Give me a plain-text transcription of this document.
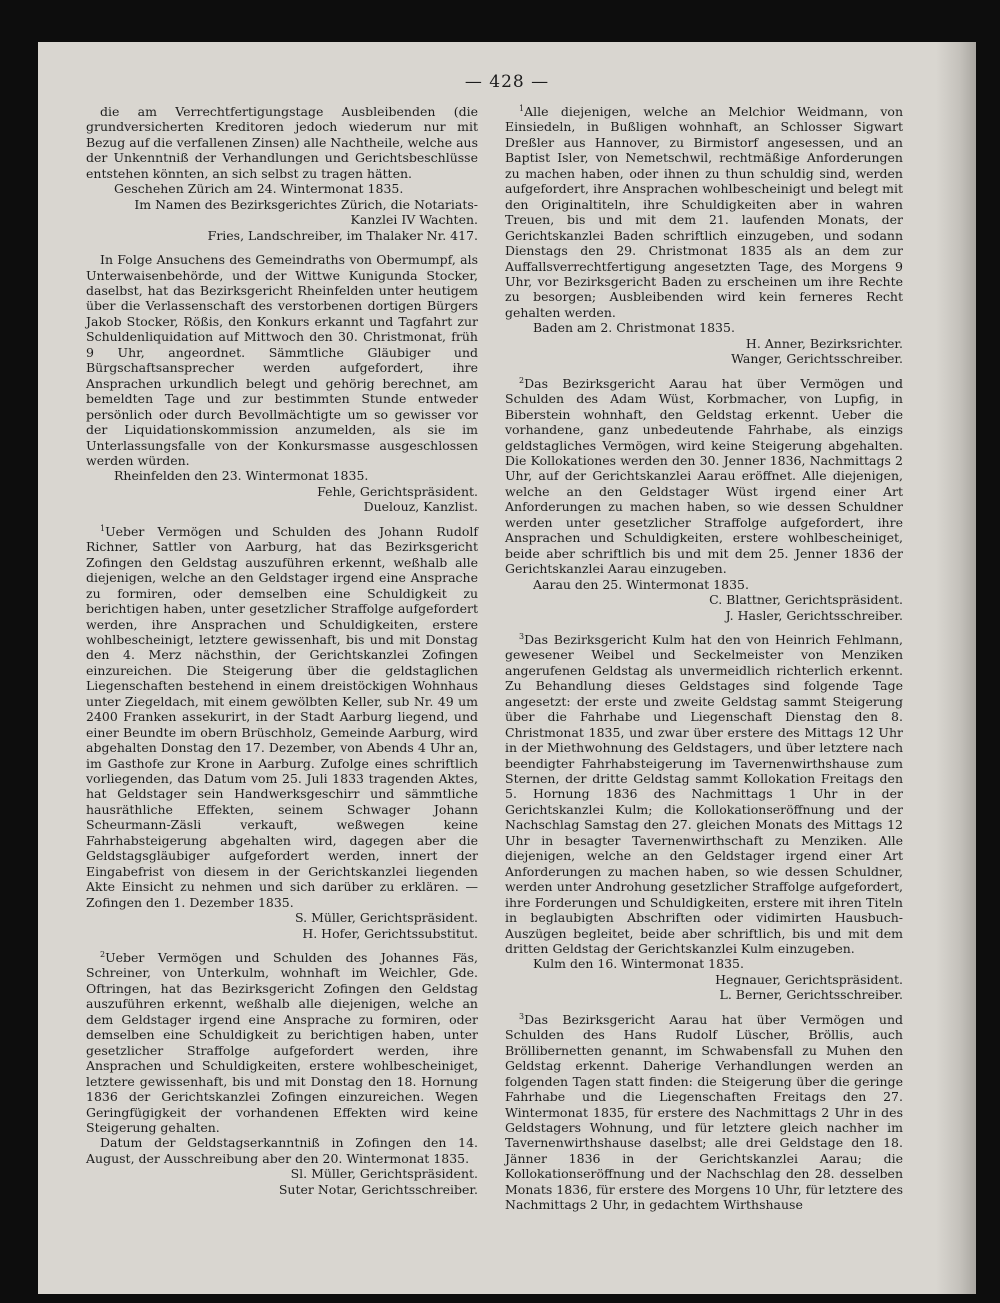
— 428 —

die am Verrechtfertigungstage Ausbleibenden (die grundversicherten Kreditoren jedoch wiederum nur mit Bezug auf die verfallenen Zinsen) alle Nachtheile, welche aus der Unkenntniß der Verhandlungen und Gerichtsbeschlüsse entstehen könnten, an sich selbst zu tragen hätten.

Geschehen Zürich am 24. Wintermonat 1835.

Im Namen des Bezirksgerichtes Zürich, die Notariats-Kanzlei IV Wachten.

Fries, Landschreiber, im Thalaker Nr. 417.

In Folge Ansuchens des Gemeindraths von Obermumpf, als Unterwaisenbehörde, und der Wittwe Kunigunda Stocker, daselbst, hat das Bezirksgericht Rheinfelden unter heutigem über die Verlassenschaft des verstorbenen dortigen Bürgers Jakob Stocker, Rößis, den Konkurs erkannt und Tagfahrt zur Schuldenliquidation auf Mittwoch den 30. Christmonat, früh 9 Uhr, angeordnet. Sämmtliche Gläubiger und Bürgschaftsansprecher werden aufgefordert, ihre Ansprachen urkundlich belegt und gehörig berechnet, am bemeldten Tage und zur bestimmten Stunde entweder persönlich oder durch Bevollmächtigte um so gewisser vor der Liquidationskommission anzumelden, als sie im Unterlassungsfalle von der Konkursmasse ausgeschlossen werden würden.

Rheinfelden den 23. Wintermonat 1835.

Fehle, Gerichtspräsident.

Duelouz, Kanzlist.

$^1$Ueber Vermögen und Schulden des Johann Rudolf Richner, Sattler von Aarburg, hat das Bezirksgericht Zofingen den Geldstag auszuführen erkennt, weßhalb alle diejenigen, welche an den Geldstager irgend eine Ansprache zu formiren, oder demselben eine Schuldigkeit zu berichtigen haben, unter gesetzlicher Straffolge aufgefordert werden, ihre Ansprachen und Schuldigkeiten, erstere wohlbescheinigt, letztere gewissenhaft, bis und mit Donstag den 4. Merz nächsthin, der Gerichtskanzlei Zofingen einzureichen. Die Steigerung über die geldstaglichen Liegenschaften bestehend in einem dreistöckigen Wohnhaus unter Ziegeldach, mit einem gewölbten Keller, sub Nr. 49 um 2400 Franken assekurirt, in der Stadt Aarburg liegend, und einer Beundte im obern Brüschholz, Gemeinde Aarburg, wird abgehalten Donstag den 17. Dezember, von Abends 4 Uhr an, im Gasthofe zur Krone in Aarburg. Zufolge eines schriftlich vorliegenden, das Datum vom 25. Juli 1833 tragenden Aktes, hat Geldstager sein Handwerksgeschirr und sämmtliche hausräthliche Effekten, seinem Schwager Johann Scheurmann-Zäsli verkauft, weßwegen keine Fahrhabsteigerung abgehalten wird, dagegen aber die Geldstagsgläubiger aufgefordert werden, innert der Eingabefrist von diesem in der Gerichtskanzlei liegenden Akte Einsicht zu nehmen und sich darüber zu erklären. — Zofingen den 1. Dezember 1835.

S. Müller, Gerichtspräsident.

H. Hofer, Gerichtssubstitut.

$^2$Ueber Vermögen und Schulden des Johannes Fäs, Schreiner, von Unterkulm, wohnhaft im Weichler, Gde. Oftringen, hat das Bezirksgericht Zofingen den Geldstag auszuführen erkennt, weßhalb alle diejenigen, welche an dem Geldstager irgend eine Ansprache zu formiren, oder demselben eine Schuldigkeit zu berichtigen haben, unter gesetzlicher Straffolge aufgefordert werden, ihre Ansprachen und Schuldigkeiten, erstere wohlbescheiniget, letztere gewissenhaft, bis und mit Donstag den 18. Hornung 1836 der Gerichtskanzlei Zofingen einzureichen. Wegen Geringfügigkeit der vorhandenen Effekten wird keine Steigerung gehalten.

Datum der Geldstagserkanntniß in Zofingen den 14. August, der Ausschreibung aber den 20. Wintermonat 1835.

Sl. Müller, Gerichtspräsident.

Suter Notar, Gerichtsschreiber.

$^1$Alle diejenigen, welche an Melchior Weidmann, von Einsiedeln, in Bußligen wohnhaft, an Schlosser Sigwart Dreßler aus Hannover, zu Birmistorf angesessen, und an Baptist Isler, von Nemetschwil, rechtmäßige Anforderungen zu machen haben, oder ihnen zu thun schuldig sind, werden aufgefordert, ihre Ansprachen wohlbescheinigt und belegt mit den Originaltiteln, ihre Schuldigkeiten aber in wahren Treuen, bis und mit dem 21. laufenden Monats, der Gerichtskanzlei Baden schriftlich einzugeben, und sodann Dienstags den 29. Christmonat 1835 als an dem zur Auffallsverrechtfertigung angesetzten Tage, des Morgens 9 Uhr, vor Bezirksgericht Baden zu erscheinen um ihre Rechte zu besorgen; Ausbleibenden wird kein ferneres Recht gehalten werden.

Baden am 2. Christmonat 1835.

H. Anner, Bezirksrichter.

Wanger, Gerichtsschreiber.

$^2$Das Bezirksgericht Aarau hat über Vermögen und Schulden des Adam Wüst, Korbmacher, von Lupfig, in Biberstein wohnhaft, den Geldstag erkennt. Ueber die vorhandene, ganz unbedeutende Fahrhabe, als einzigs geldstagliches Vermögen, wird keine Steigerung abgehalten. Die Kollokationes werden den 30. Jenner 1836, Nachmittags 2 Uhr, auf der Gerichtskanzlei Aarau eröffnet. Alle diejenigen, welche an den Geldstager Wüst irgend einer Art Anforderungen zu machen haben, so wie dessen Schuldner werden unter gesetzlicher Straffolge aufgefordert, ihre Ansprachen und Schuldigkeiten, erstere wohlbescheiniget, beide aber schriftlich bis und mit dem 25. Jenner 1836 der Gerichtskanzlei Aarau einzugeben.

Aarau den 25. Wintermonat 1835.

C. Blattner, Gerichtspräsident.

J. Hasler, Gerichtsschreiber.

$^3$Das Bezirksgericht Kulm hat den von Heinrich Fehlmann, gewesener Weibel und Seckelmeister von Menziken angerufenen Geldstag als unvermeidlich richterlich erkennt. Zu Behandlung dieses Geldstages sind folgende Tage angesetzt: der erste und zweite Geldstag sammt Steigerung über die Fahrhabe und Liegenschaft Dienstag den 8. Christmonat 1835, und zwar über erstere des Mittags 12 Uhr in der Miethwohnung des Geldstagers, und über letztere nach beendigter Fahrhabsteigerung im Tavernenwirthshause zum Sternen, der dritte Geldstag sammt Kollokation Freitags den 5. Hornung 1836 des Nachmittags 1 Uhr in der Gerichtskanzlei Kulm; die Kollokationseröffnung und der Nachschlag Samstag den 27. gleichen Monats des Mittags 12 Uhr in besagter Tavernenwirthschaft zu Menziken. Alle diejenigen, welche an den Geldstager irgend einer Art Anforderungen zu machen haben, so wie dessen Schuldner, werden unter Androhung gesetzlicher Straffolge aufgefordert, ihre Forderungen und Schuldigkeiten, erstere mit ihren Titeln in beglaubigten Abschriften oder vidimirten Hausbuch-Auszügen begleitet, beide aber schriftlich, bis und mit dem dritten Geldstag der Gerichtskanzlei Kulm einzugeben.

Kulm den 16. Wintermonat 1835.

Hegnauer, Gerichtspräsident.

L. Berner, Gerichtsschreiber.

$^3$Das Bezirksgericht Aarau hat über Vermögen und Schulden des Hans Rudolf Lüscher, Bröllis, auch Bröllibernetten genannt, im Schwabensfall zu Muhen den Geldstag erkennt. Daherige Verhandlungen werden an folgenden Tagen statt finden: die Steigerung über die geringe Fahrhabe und die Liegenschaften Freitags den 27. Wintermonat 1835, für erstere des Nachmittags 2 Uhr in des Geldstagers Wohnung, und für letztere gleich nachher im Tavernenwirthshause daselbst; alle drei Geldstage den 18. Jänner 1836 in der Gerichtskanzlei Aarau; die Kollokationseröffnung und der Nachschlag den 28. desselben Monats 1836, für erstere des Morgens 10 Uhr, für letztere des Nachmittags 2 Uhr, in gedachtem Wirthshause
